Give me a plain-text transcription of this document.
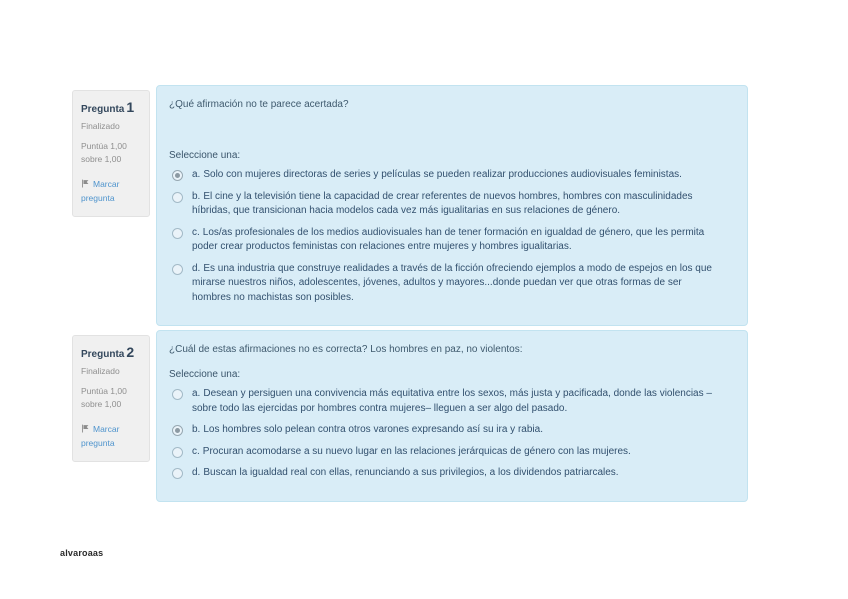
Pregunta 1
Finalizado
Puntúa 1,00 sobre 1,00
Marcar pregunta

¿Qué afirmación no te parece acertada?

Seleccione una:

a. Solo con mujeres directoras de series y películas se pueden realizar producciones audiovisuales feministas.
b. El cine y la televisión tiene la capacidad de crear referentes de nuevos hombres, hombres con masculinidades híbridas, que transicionan hacia modelos cada vez más igualitarias en sus relaciones de género.
c. Los/as profesionales de los medios audiovisuales han de tener formación en igualdad de género, que les permita poder crear productos feministas con relaciones entre mujeres y hombres igualitarias.
d. Es una industria que construye realidades a través de la ficción ofreciendo ejemplos a modo de espejos en los que mirarse nuestros niños, adolescentes, jóvenes, adultos y mayores...donde puedan ver que otras formas de ser hombres no machistas son posibles.
Pregunta 2
Finalizado
Puntúa 1,00 sobre 1,00
Marcar pregunta

¿Cuál de estas afirmaciones no es correcta? Los hombres en paz, no violentos:

Seleccione una:

a. Desean y persiguen una convivencia más equitativa entre los sexos, más justa y pacificada, donde las violencias –sobre todo las ejercidas por hombres contra mujeres– lleguen a ser algo del pasado.
b. Los hombres solo pelean contra otros varones expresando así su ira y rabia.
c. Procuran acomodarse a su nuevo lugar en las relaciones jerárquicas de género con las mujeres.
d. Buscan la igualdad real con ellas, renunciando a sus privilegios, a los dividendos patriarcales.
alvaroaas
